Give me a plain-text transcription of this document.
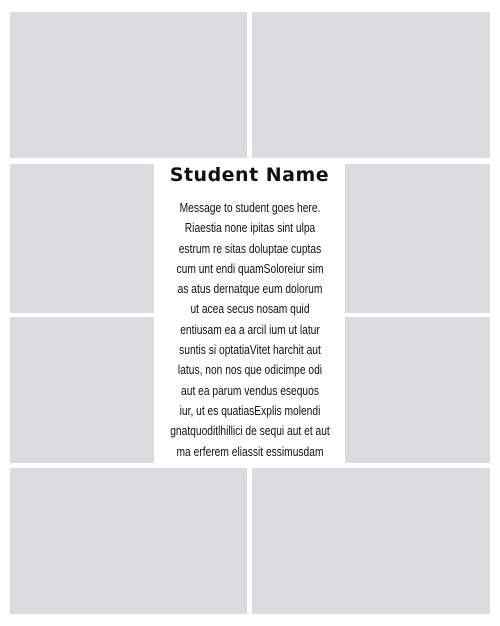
Student Name
Message to student goes here.
Riaestia none ipitas sint ulpa
estrum re sitas doluptae cuptas
cum unt endi quamSoloreiur sim
as atus dernatque eum dolorum
ut acea secus nosam quid
entiusam ea a arcil ium ut latur
suntis si optatiaVitet harchit aut
latus, non nos que odicimpe odi
aut ea parum vendus esequos
iur, ut es quatiasExplis molendi
gnatquoditlhillici de sequi aut et aut
ma erferem eliassit essimusdam
